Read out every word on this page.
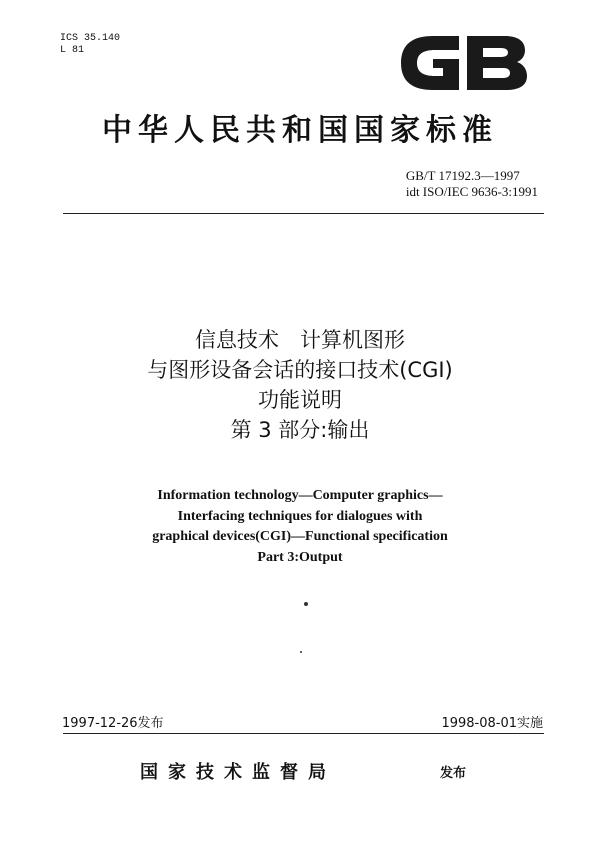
ICS 35.140
L 81
中华人民共和国国家标准
GB/T 17192.3—1997
idt ISO/IEC 9636-3:1991
信息技术　计算机图形
与图形设备会话的接口技术(CGI)
功能说明
第 3 部分:输出
Information technology—Computer graphics—
Interfacing techniques for dialogues with
graphical devices(CGI)—Functional specification
Part 3:Output
1997-12-26发布	1998-08-01实施
国家技术监督局	发布
